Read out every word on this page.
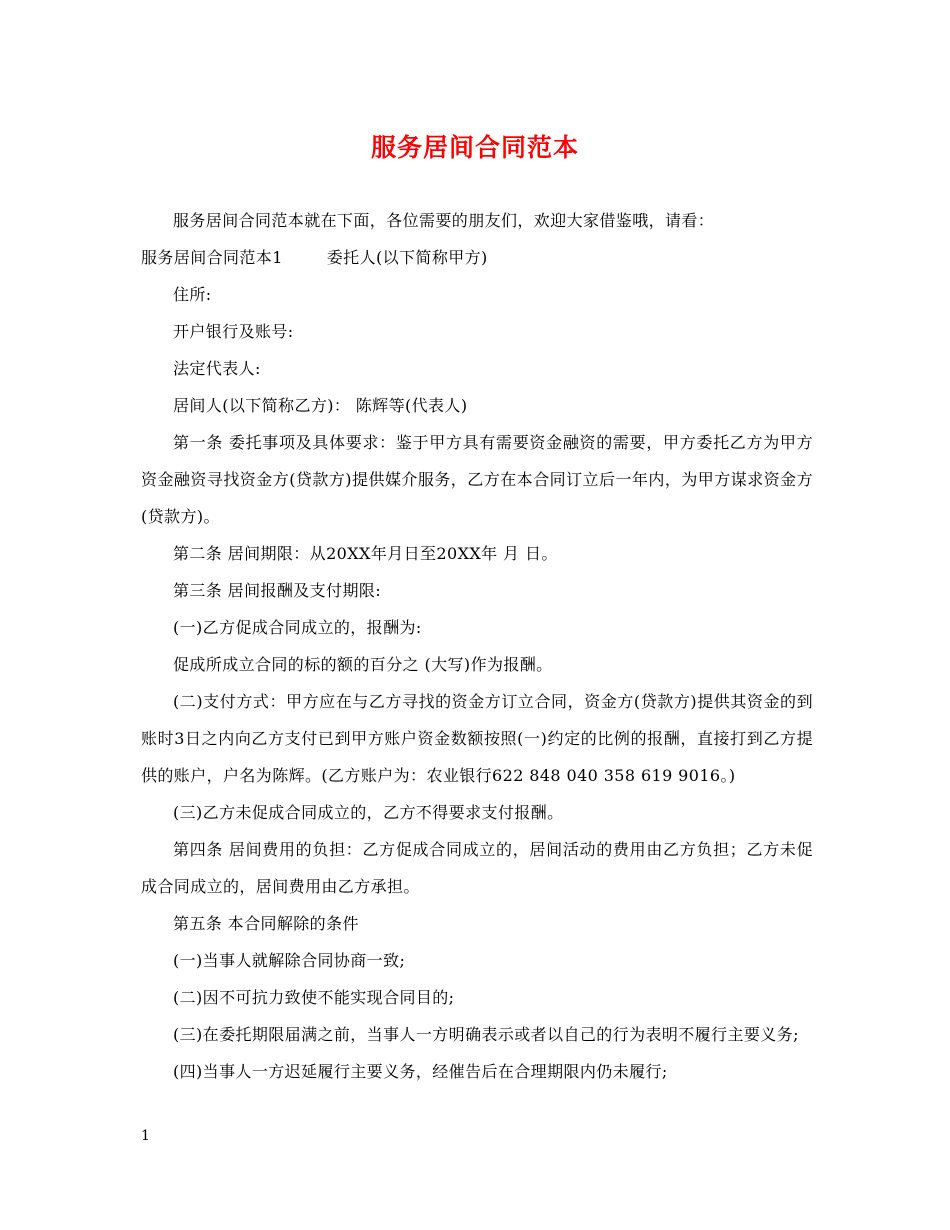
服务居间合同范本

服务居间合同范本就在下面，各位需要的朋友们，欢迎大家借鉴哦，请看：

服务居间合同范本1	委托人(以下简称甲方)

住所:

开户银行及账号:

法定代表人:

居间人(以下简称乙方)： 陈辉等(代表人)

第一条 委托事项及具体要求：鉴于甲方具有需要资金融资的需要，甲方委托乙方为甲方资金融资寻找资金方(贷款方)提供媒介服务，乙方在本合同订立后一年内，为甲方谋求资金方(贷款方)。

第二条 居间期限：从20XX年月日至20XX年 月 日。

第三条 居间报酬及支付期限:

(一)乙方促成合同成立的，报酬为:

促成所成立合同的标的额的百分之 (大写)作为报酬。

(二)支付方式：甲方应在与乙方寻找的资金方订立合同，资金方(贷款方)提供其资金的到账时3日之内向乙方支付已到甲方账户资金数额按照(一)约定的比例的报酬，直接打到乙方提供的账户，户名为陈辉。(乙方账户为：农业银行622 848 040 358 619 9016。)

(三)乙方未促成合同成立的，乙方不得要求支付报酬。

第四条 居间费用的负担：乙方促成合同成立的，居间活动的费用由乙方负担；乙方未促成合同成立的，居间费用由乙方承担。

第五条 本合同解除的条件

(一)当事人就解除合同协商一致;

(二)因不可抗力致使不能实现合同目的;

(三)在委托期限届满之前，当事人一方明确表示或者以自己的行为表明不履行主要义务;

(四)当事人一方迟延履行主要义务，经催告后在合理期限内仍未履行;

1
